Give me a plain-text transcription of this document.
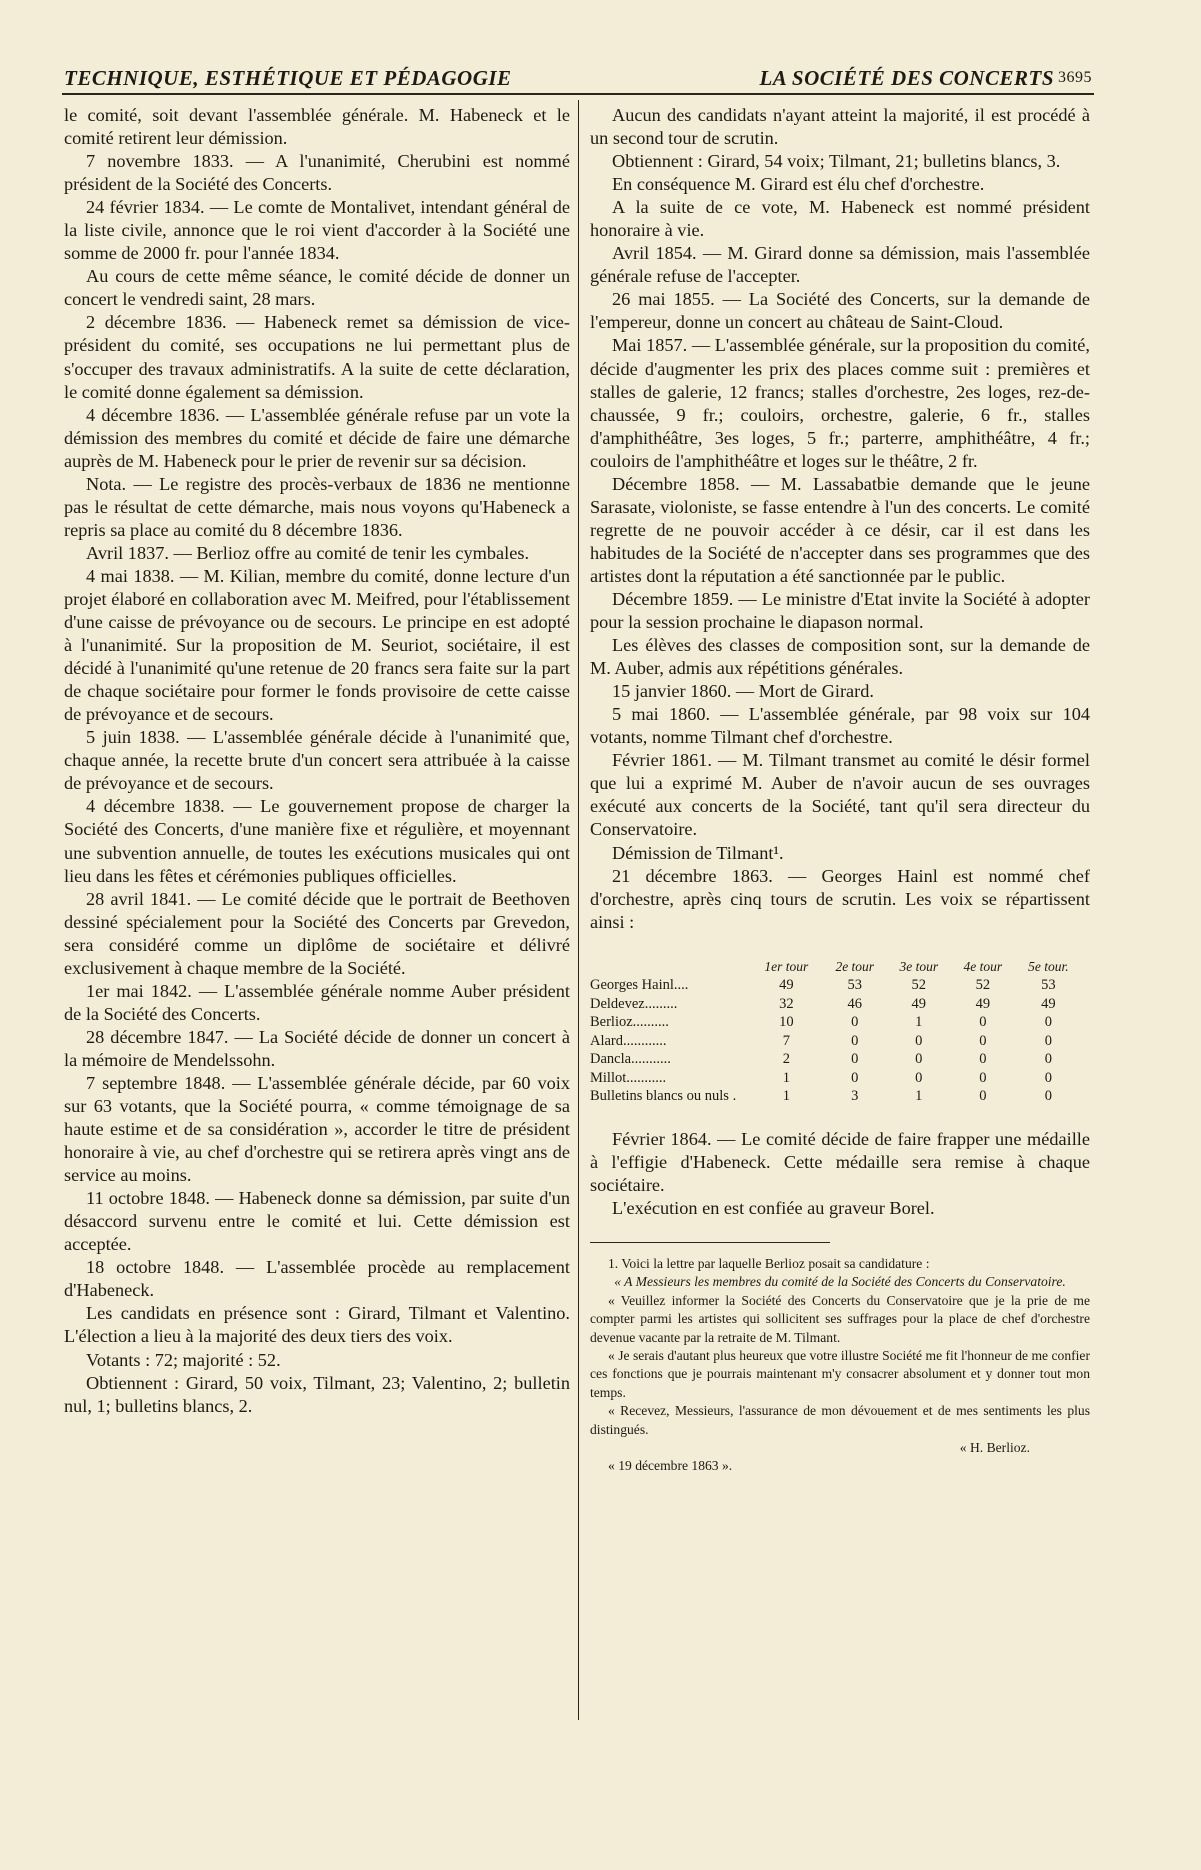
TECHNIQUE, ESTHÉTIQUE ET PÉDAGOGIE	LA SOCIÉTÉ DES CONCERTS 3695

le comité, soit devant l'assemblée générale. M. Habeneck et le comité retirent leur démission.

7 novembre 1833. — A l'unanimité, Cherubini est nommé président de la Société des Concerts.

24 février 1834. — Le comte de Montalivet, intendant général de la liste civile, annonce que le roi vient d'accorder à la Société une somme de 2000 fr. pour l'année 1834.

Au cours de cette même séance, le comité décide de donner un concert le vendredi saint, 28 mars.

2 décembre 1836. — Habeneck remet sa démission de vice-président du comité, ses occupations ne lui permettant plus de s'occuper des travaux administratifs. A la suite de cette déclaration, le comité donne également sa démission.

4 décembre 1836. — L'assemblée générale refuse par un vote la démission des membres du comité et décide de faire une démarche auprès de M. Habeneck pour le prier de revenir sur sa décision.

Nota. — Le registre des procès-verbaux de 1836 ne mentionne pas le résultat de cette démarche, mais nous voyons qu'Habeneck a repris sa place au comité du 8 décembre 1836.

Avril 1837. — Berlioz offre au comité de tenir les cymbales.

4 mai 1838. — M. Kilian, membre du comité, donne lecture d'un projet élaboré en collaboration avec M. Meifred, pour l'établissement d'une caisse de prévoyance ou de secours. Le principe en est adopté à l'unanimité. Sur la proposition de M. Seuriot, sociétaire, il est décidé à l'unanimité qu'une retenue de 20 francs sera faite sur la part de chaque sociétaire pour former le fonds provisoire de cette caisse de prévoyance et de secours.

5 juin 1838. — L'assemblée générale décide à l'unanimité que, chaque année, la recette brute d'un concert sera attribuée à la caisse de prévoyance et de secours.

4 décembre 1838. — Le gouvernement propose de charger la Société des Concerts, d'une manière fixe et régulière, et moyennant une subvention annuelle, de toutes les exécutions musicales qui ont lieu dans les fêtes et cérémonies publiques officielles.

28 avril 1841. — Le comité décide que le portrait de Beethoven dessiné spécialement pour la Société des Concerts par Grevedon, sera considéré comme un diplôme de sociétaire et délivré exclusivement à chaque membre de la Société.

1er mai 1842. — L'assemblée générale nomme Auber président de la Société des Concerts.

28 décembre 1847. — La Société décide de donner un concert à la mémoire de Mendelssohn.

7 septembre 1848. — L'assemblée générale décide, par 60 voix sur 63 votants, que la Société pourra, « comme témoignage de sa haute estime et de sa considération », accorder le titre de président honoraire à vie, au chef d'orchestre qui se retirera après vingt ans de service au moins.

11 octobre 1848. — Habeneck donne sa démission, par suite d'un désaccord survenu entre le comité et lui. Cette démission est acceptée.

18 octobre 1848. — L'assemblée procède au remplacement d'Habeneck.

Les candidats en présence sont : Girard, Tilmant et Valentino. L'élection a lieu à la majorité des deux tiers des voix.

Votants : 72; majorité : 52.

Obtiennent : Girard, 50 voix, Tilmant, 23; Valentino, 2; bulletin nul, 1; bulletins blancs, 2.

Aucun des candidats n'ayant atteint la majorité, il est procédé à un second tour de scrutin.

Obtiennent : Girard, 54 voix; Tilmant, 21; bulletins blancs, 3.

En conséquence M. Girard est élu chef d'orchestre.

A la suite de ce vote, M. Habeneck est nommé président honoraire à vie.

Avril 1854. — M. Girard donne sa démission, mais l'assemblée générale refuse de l'accepter.

26 mai 1855. — La Société des Concerts, sur la demande de l'empereur, donne un concert au château de Saint-Cloud.

Mai 1857. — L'assemblée générale, sur la proposition du comité, décide d'augmenter les prix des places comme suit : premières et stalles de galerie, 12 francs; stalles d'orchestre, 2es loges, rez-de-chaussée, 9 fr.; couloirs, orchestre, galerie, 6 fr., stalles d'amphithéâtre, 3es loges, 5 fr.; parterre, amphithéâtre, 4 fr.; couloirs de l'amphithéâtre et loges sur le théâtre, 2 fr.

Décembre 1858. — M. Lassabatbie demande que le jeune Sarasate, violoniste, se fasse entendre à l'un des concerts. Le comité regrette de ne pouvoir accéder à ce désir, car il est dans les habitudes de la Société de n'accepter dans ses programmes que des artistes dont la réputation a été sanctionnée par le public.

Décembre 1859. — Le ministre d'Etat invite la Société à adopter pour la session prochaine le diapason normal.

Les élèves des classes de composition sont, sur la demande de M. Auber, admis aux répétitions générales.

15 janvier 1860. — Mort de Girard.

5 mai 1860. — L'assemblée générale, par 98 voix sur 104 votants, nomme Tilmant chef d'orchestre.

Février 1861. — M. Tilmant transmet au comité le désir formel que lui a exprimé M. Auber de n'avoir aucun de ses ouvrages exécuté aux concerts de la Société, tant qu'il sera directeur du Conservatoire.

Démission de Tilmant¹.

21 décembre 1863. — Georges Hainl est nommé chef d'orchestre, après cinq tours de scrutin. Les voix se répartissent ainsi :

	1er tour	2e tour	3e tour	4e tour	5e tour.
Georges Hainl....	49	53	52	52	53
Deldevez.........	32	46	49	49	49
Berlioz..........	10	0	1	0	0
Alard............	7	0	0	0	0
Dancla...........	2	0	0	0	0
Millot...........	1	0	0	0	0
Bulletins blancs ou nuls .	1	3	1	0	0

Février 1864. — Le comité décide de faire frapper une médaille à l'effigie d'Habeneck. Cette médaille sera remise à chaque sociétaire.

L'exécution en est confiée au graveur Borel.

1. Voici la lettre par laquelle Berlioz posait sa candidature :

« A Messieurs les membres du comité de la Société des Concerts du Conservatoire.

« Veuillez informer la Société des Concerts du Conservatoire que je la prie de me compter parmi les artistes qui sollicitent ses suffrages pour la place de chef d'orchestre devenue vacante par la retraite de M. Tilmant.

« Je serais d'autant plus heureux que votre illustre Société me fit l'honneur de me confier ces fonctions que je pourrais maintenant m'y consacrer absolument et y donner tout mon temps.

« Recevez, Messieurs, l'assurance de mon dévouement et de mes sentiments les plus distingués.

« H. Berlioz.

« 19 décembre 1863 ».
